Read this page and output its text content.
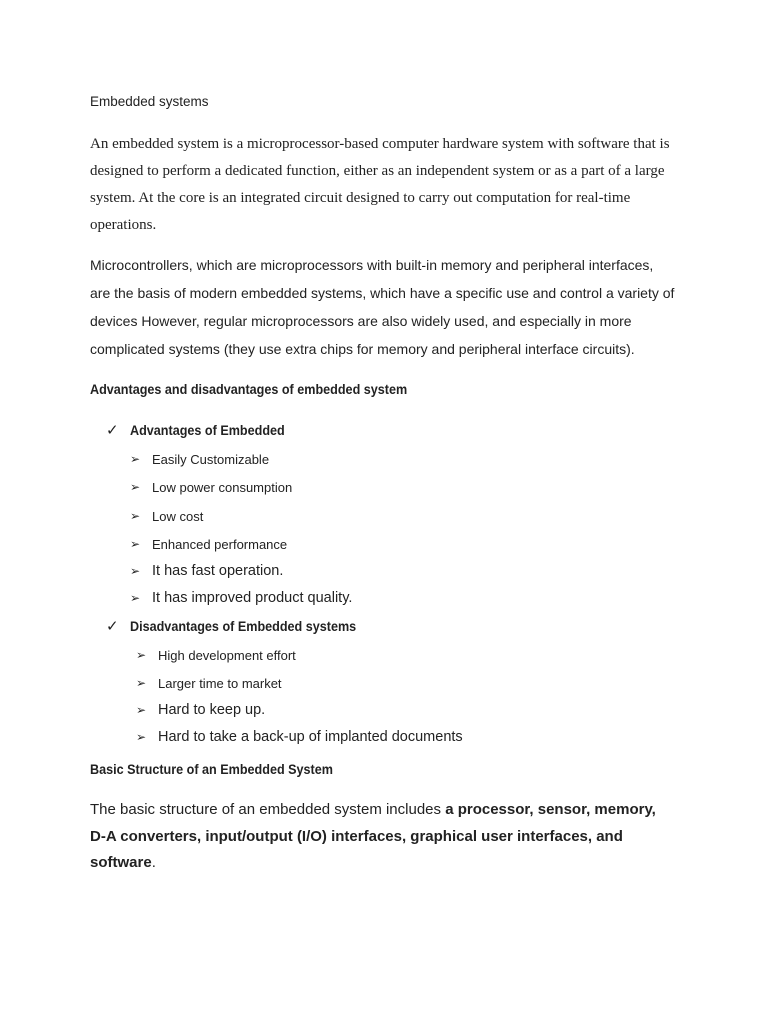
Embedded systems
An embedded system is a microprocessor-based computer hardware system with software that is
designed to perform a dedicated function, either as an independent system or as a part of a large
system. At the core is an integrated circuit designed to carry out computation for real-time
operations.
Microcontrollers, which are microprocessors with built-in memory and peripheral interfaces,
are the basis of modern embedded systems, which have a specific use and control a variety of
devices However, regular microprocessors are also widely used, and especially in more
complicated systems (they use extra chips for memory and peripheral interface circuits).
Advantages and disadvantages of embedded system
✓ Advantages of Embedded
➢ Easily Customizable
➢ Low power consumption
➢ Low cost
➢ Enhanced performance
➢ It has fast operation.
➢ It has improved product quality.
✓ Disadvantages of Embedded systems
➢ High development effort
➢ Larger time to market
➢ Hard to keep up.
➢ Hard to take a back-up of implanted documents
Basic Structure of an Embedded System
The basic structure of an embedded system includes a processor, sensor, memory,
D-A converters, input/output (I/O) interfaces, graphical user interfaces, and
software.
